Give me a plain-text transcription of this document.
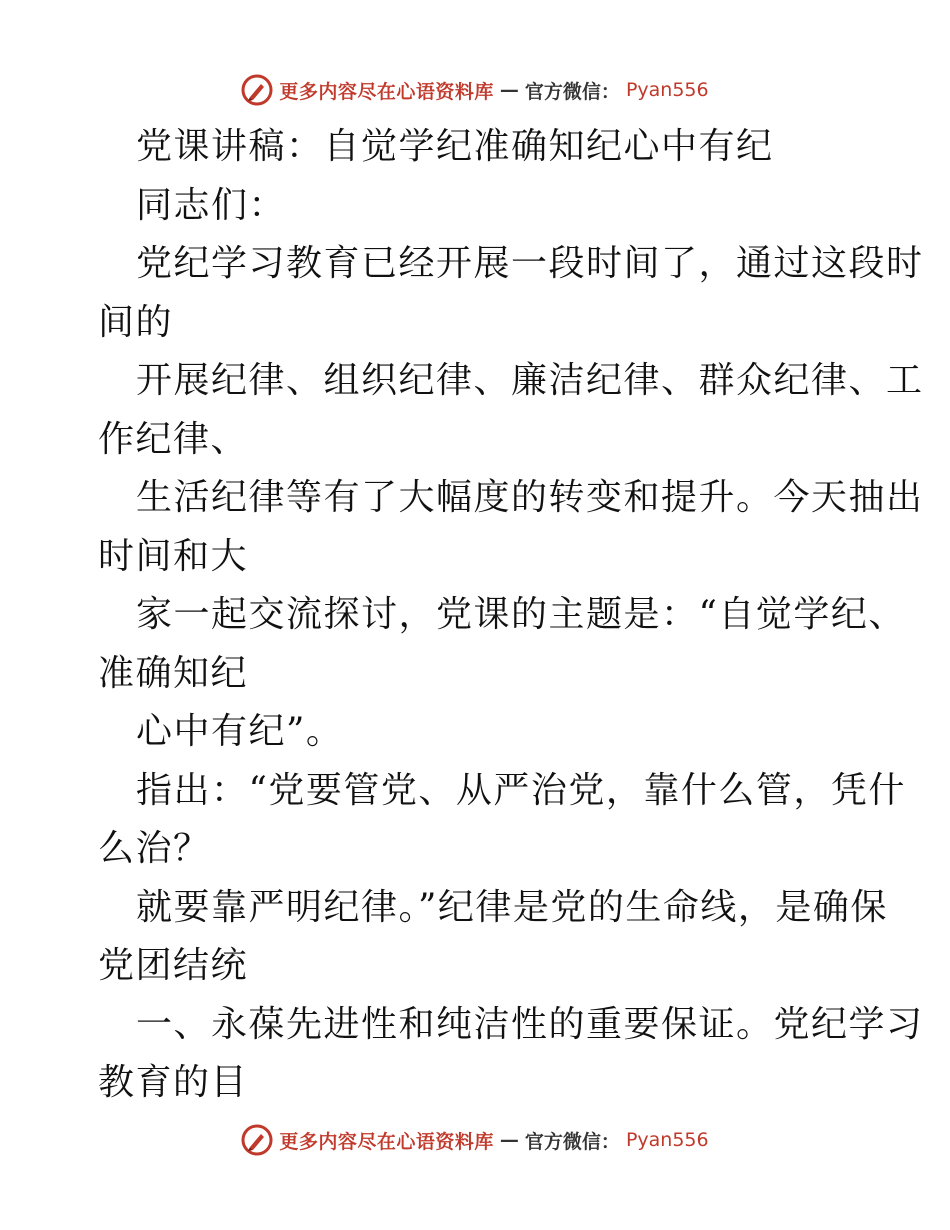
更多内容尽在心语资料库 — 官方微信： Pyan556
党课讲稿：自觉学纪准确知纪心中有纪
同志们：
党纪学习教育已经开展一段时间了，通过这段时
间的
开展纪律、组织纪律、廉洁纪律、群众纪律、工
作纪律、
生活纪律等有了大幅度的转变和提升。今天抽出
时间和大
家一起交流探讨，党课的主题是：“自觉学纪、
准确知纪
心中有纪”。
指出：“党要管党、从严治党，靠什么管，凭什
么治？
就要靠严明纪律。”纪律是党的生命线，是确保
党团结统
一、永葆先进性和纯洁性的重要保证。党纪学习
教育的目
更多内容尽在心语资料库 — 官方微信： Pyan556
